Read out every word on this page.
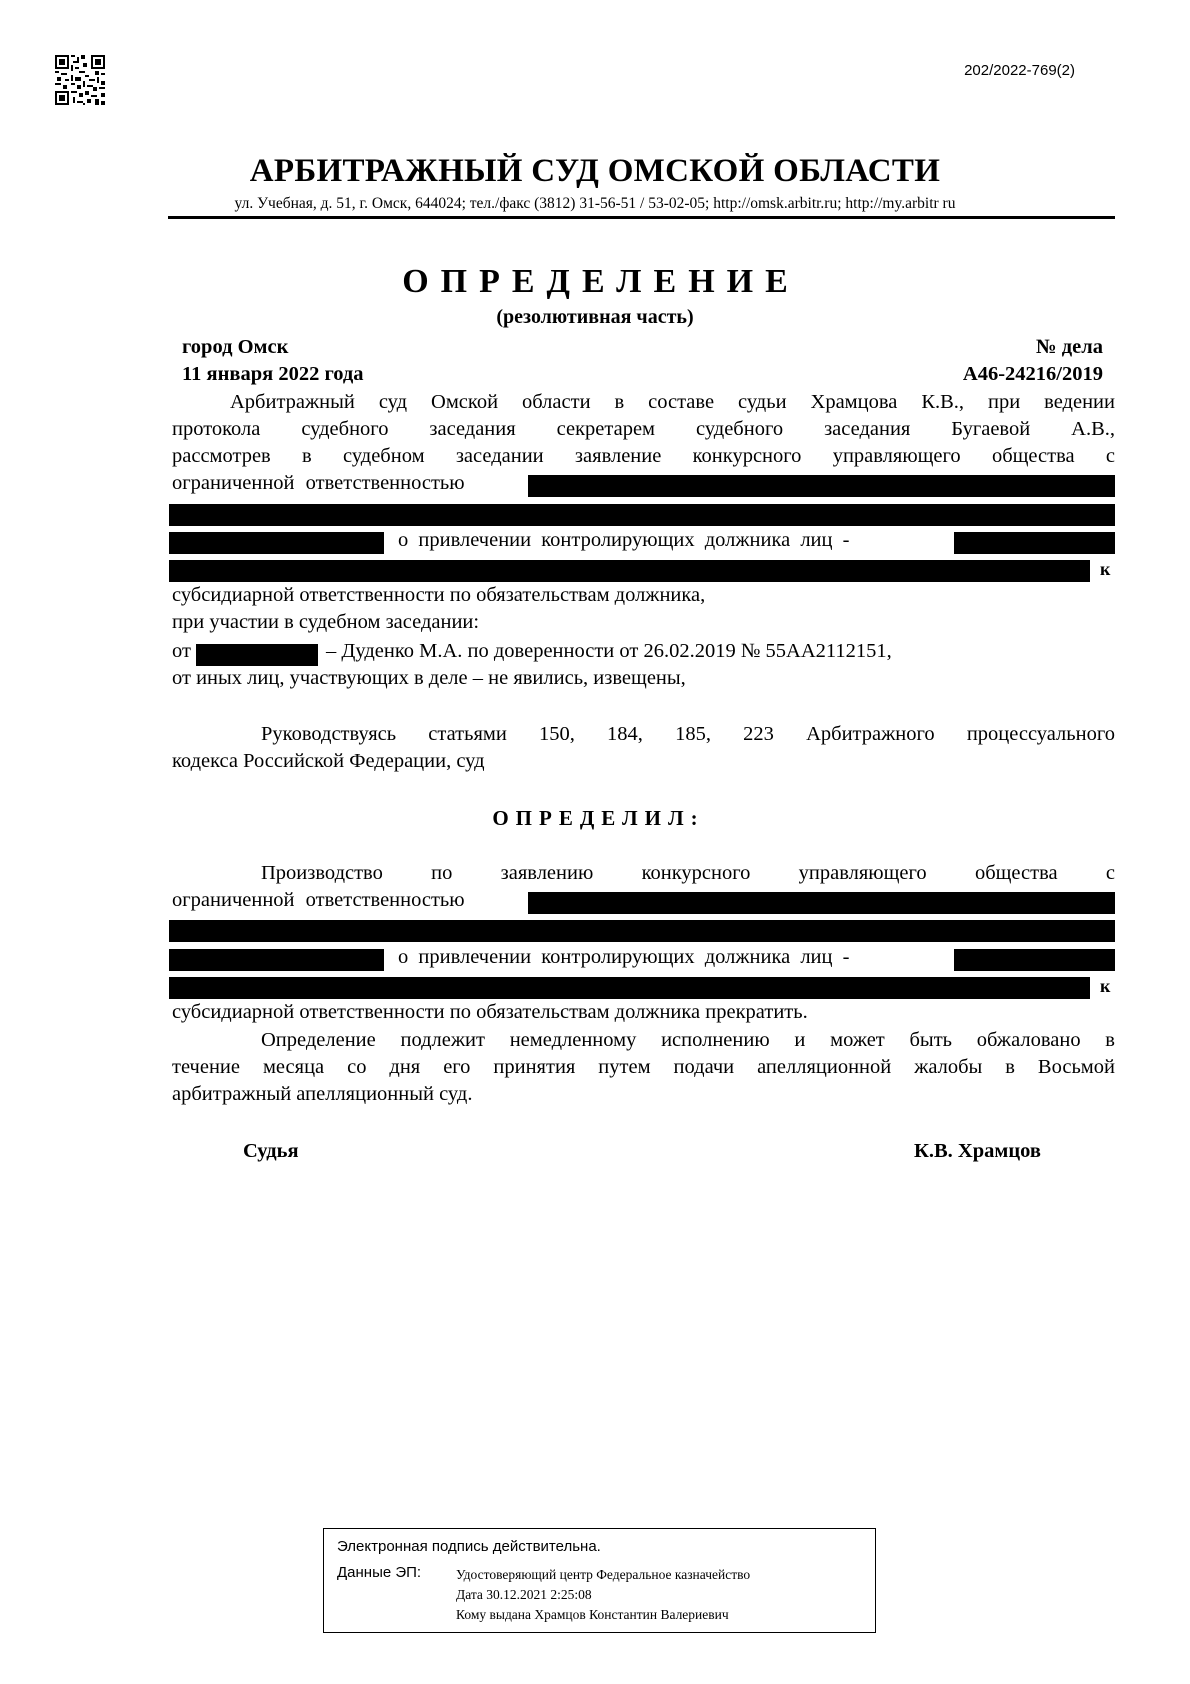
202/2022-769(2)
АРБИТРАЖНЫЙ СУД ОМСКОЙ ОБЛАСТИ
ул. Учебная, д. 51, г. Омск, 644024; тел./факс (3812) 31-56-51 / 53-02-05; http://omsk.arbitr.ru; http://my.arbitr ru
ОПРЕДЕЛЕНИЕ
(резолютивная часть)
город Омск
11 января 2022 года
№ дела
А46-24216/2019
Арбитражный суд Омской области в составе судьи Храмцова К.В., при ведении
протокола судебного заседания секретарем судебного заседания Бугаевой А.В.,
рассмотрев в судебном заседании заявление конкурсного управляющего общества с
ограниченной ответственностью
о привлечении контролирующих должника лиц -
к
субсидиарной ответственности по обязательствам должника,
при участии в судебном заседании:
от	– Дуденко М.А. по доверенности от 26.02.2019 № 55АА2112151,
от иных лиц, участвующих в деле – не явились, извещены,
Руководствуясь статьями 150, 184, 185, 223 Арбитражного процессуального
кодекса Российской Федерации, суд
ОПРЕДЕЛИЛ:
Производство по заявлению конкурсного управляющего общества с
ограниченной ответственностью
о привлечении контролирующих должника лиц -
к
субсидиарной ответственности по обязательствам должника прекратить.
Определение подлежит немедленному исполнению и может быть обжаловано в
течение месяца со дня его принятия путем подачи апелляционной жалобы в Восьмой
арбитражный апелляционный суд.
Судья	К.В. Храмцов
Электронная подпись действительна.
Данные ЭП:	Удостоверяющий центр Федеральное казначейство
Дата 30.12.2021 2:25:08
Кому выдана Храмцов Константин Валериевич
